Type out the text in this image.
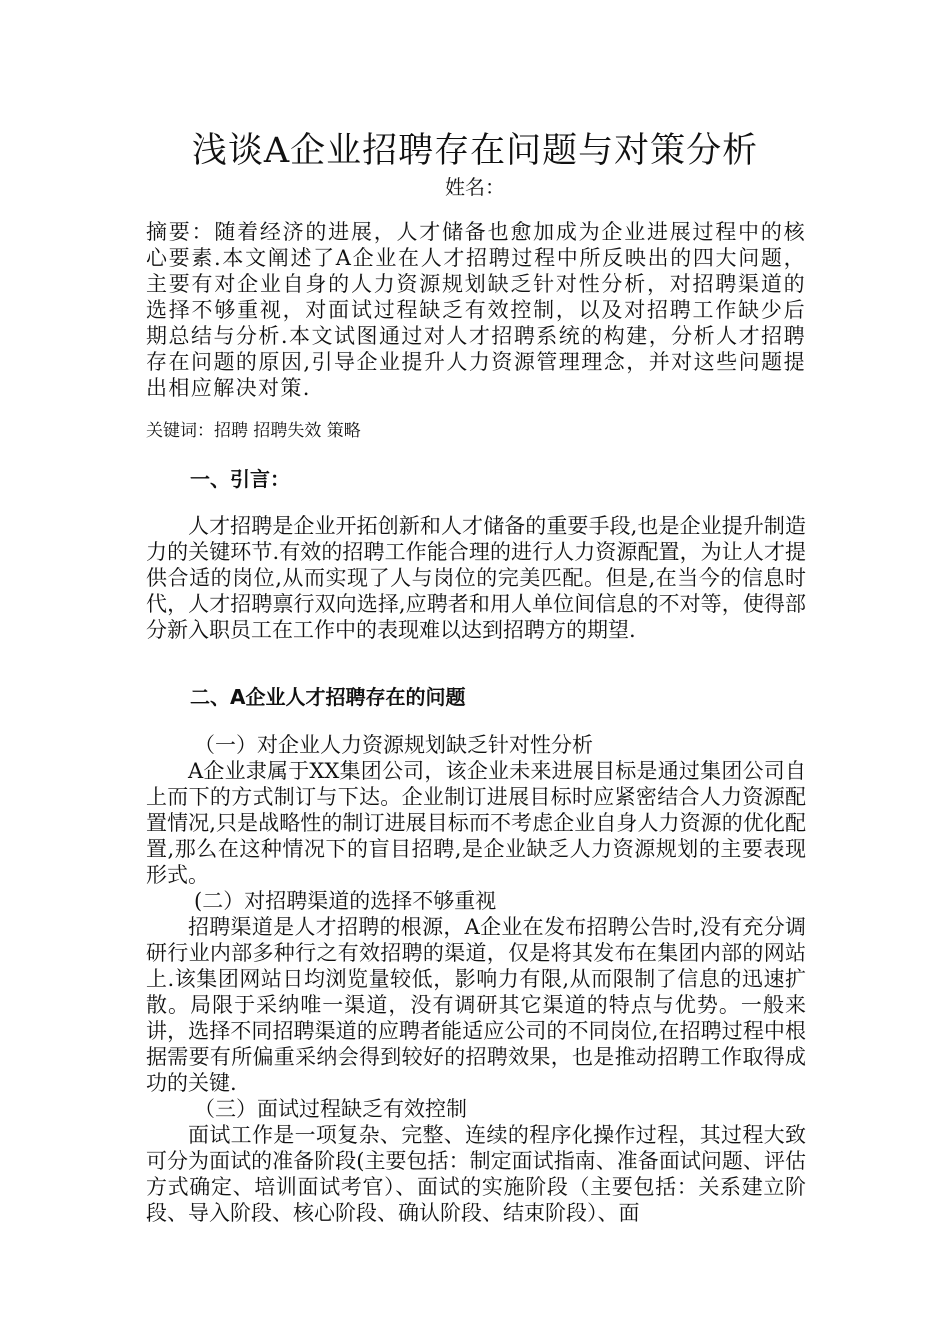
浅谈A企业招聘存在问题与对策分析
姓名：

摘要：随着经济的进展，人才储备也愈加成为企业进展过程中的核心要素.本文阐述了A企业在人才招聘过程中所反映出的四大问题，主要有对企业自身的人力资源规划缺乏针对性分析，对招聘渠道的选择不够重视，对面试过程缺乏有效控制，以及对招聘工作缺少后期总结与分析.本文试图通过对人才招聘系统的构建，分析人才招聘存在问题的原因,引导企业提升人力资源管理理念，并对这些问题提出相应解决对策.

关键词：招聘 招聘失效 策略
一、引言：

人才招聘是企业开拓创新和人才储备的重要手段,也是企业提升制造力的关键环节.有效的招聘工作能合理的进行人力资源配置，为让人才提供合适的岗位,从而实现了人与岗位的完美匹配。但是,在当今的信息时代，人才招聘禀行双向选择,应聘者和用人单位间信息的不对等，使得部分新入职员工在工作中的表现难以达到招聘方的期望.

二、A企业人才招聘存在的问题

（一）对企业人力资源规划缺乏针对性分析

A企业隶属于XX集团公司，该企业未来进展目标是通过集团公司自上而下的方式制订与下达。企业制订进展目标时应紧密结合人力资源配置情况,只是战略性的制订进展目标而不考虑企业自身人力资源的优化配置,那么在这种情况下的盲目招聘,是企业缺乏人力资源规划的主要表现形式。

(二）对招聘渠道的选择不够重视

招聘渠道是人才招聘的根源，A企业在发布招聘公告时,没有充分调研行业内部多种行之有效招聘的渠道，仅是将其发布在集团内部的网站上.该集团网站日均浏览量较低，影响力有限,从而限制了信息的迅速扩散。局限于采纳唯一渠道，没有调研其它渠道的特点与优势。一般来讲，选择不同招聘渠道的应聘者能适应公司的不同岗位,在招聘过程中根据需要有所偏重采纳会得到较好的招聘效果，也是推动招聘工作取得成功的关键.

（三）面试过程缺乏有效控制

面试工作是一项复杂、完整、连续的程序化操作过程，其过程大致可分为面试的准备阶段(主要包括：制定面试指南、准备面试问题、评估方式确定、培训面试考官）、面试的实施阶段（主要包括：关系建立阶段、导入阶段、核心阶段、确认阶段、结束阶段）、面
